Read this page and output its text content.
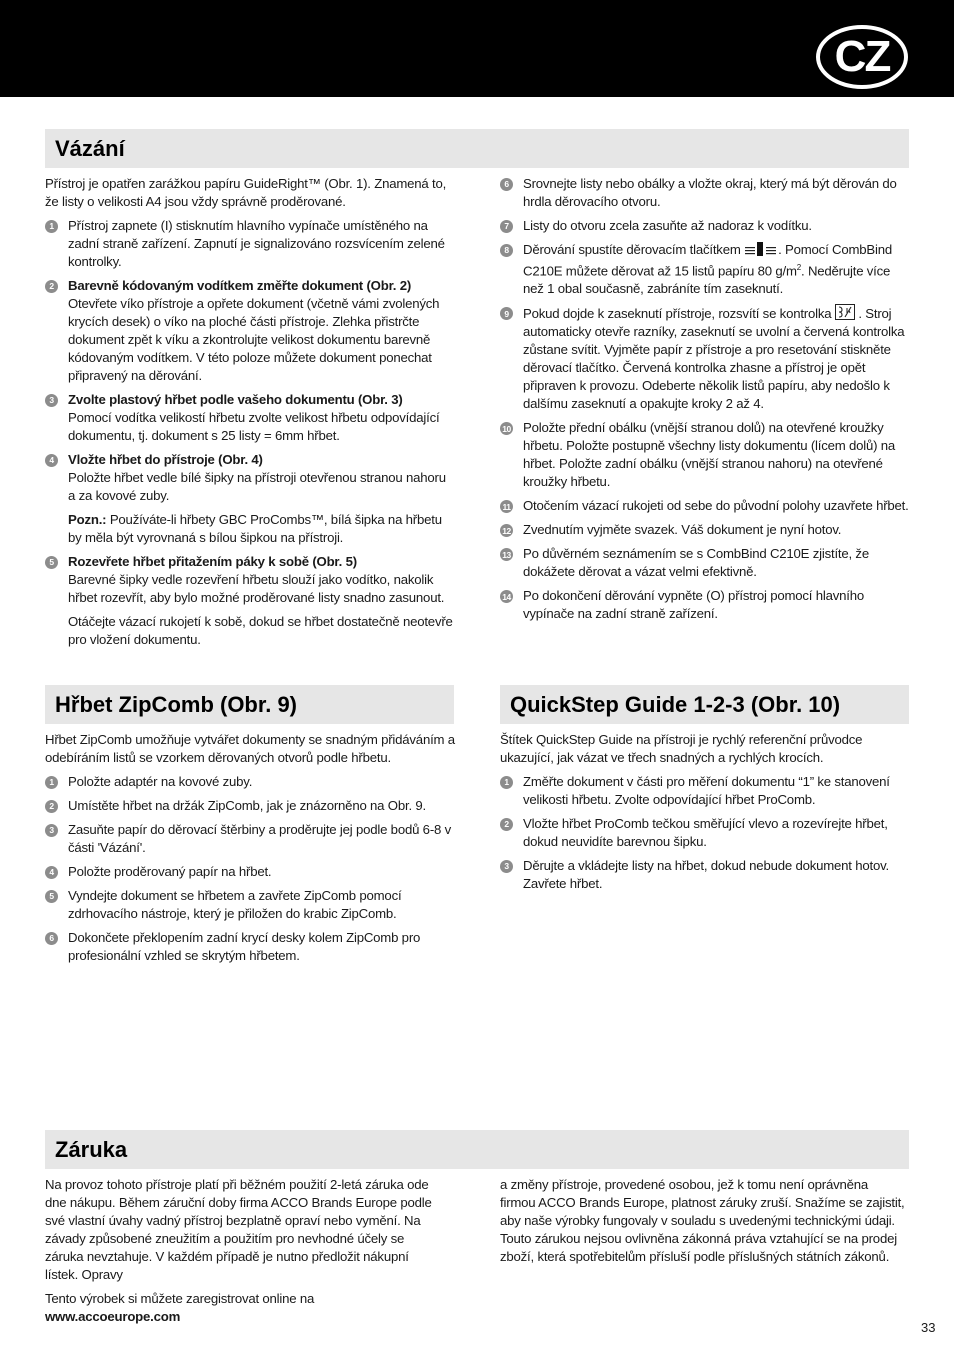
CZ
Vázání

Přístroj je opatřen zarážkou papíru GuideRight™ (Obr. 1). Znamená to, že listy o velikosti A4 jsou vždy správně proděrované.

1	Přístroj zapnete (I) stisknutím hlavního vypínače umístěného na zadní straně zařízení. Zapnutí je signalizováno rozsvícením zelené kontrolky.
2	Barevně kódovaným vodítkem změřte dokument (Obr. 2)
Otevřete víko přístroje a opřete dokument (včetně vámi zvolených krycích desek) o víko na ploché části přístroje. Zlehka přistrčte dokument zpět k víku a zkontrolujte velikost dokumentu barevně kódovaným vodítkem. V této poloze můžete dokument ponechat připravený na děrování.
3	Zvolte plastový hřbet podle vašeho dokumentu (Obr. 3)
Pomocí vodítka velikostí hřbetu zvolte velikost hřbetu odpovídající dokumentu, tj. dokument s 25 listy = 6mm hřbet.
4	Vložte hřbet do přístroje (Obr. 4)
Položte hřbet vedle bílé šipky na přístroji otevřenou stranou nahoru a za kovové zuby.
Pozn.: Používáte-li hřbety GBC ProCombs™, bílá šipka na hřbetu by měla být vyrovnaná s bílou šipkou na přístroji.
5	Rozevřete hřbet přitažením páky k sobě (Obr. 5)
Barevné šipky vedle rozevření hřbetu slouží jako vodítko, nakolik hřbet rozevřít, aby bylo možné proděrované listy snadno zasunout.
Otáčejte vázací rukojetí k sobě, dokud se hřbet dostatečně neotevře pro vložení dokumentu.
6	Srovnejte listy nebo obálky a vložte okraj, který má být děrován do hrdla děrovacího otvoru.
7	Listy do otvoru zcela zasuňte až nadoraz k vodítku.
8	Děrování spustíte děrovacím tlačítkem	. Pomocí CombBind C210E můžete děrovat až 15 listů papíru 80 $g/m^2$. Neděrujte více než 1 obal současně, zabráníte tím zaseknutí.
9	Pokud dojde k zaseknutí přístroje, rozsvítí se kontrolka . Stroj automaticky otevře razníky, zaseknutí se uvolní a červená kontrolka zůstane svítit. Vyjměte papír z přístroje a pro resetování stiskněte děrovací tlačítko. Červená kontrolka zhasne a přístroj je opět připraven k provozu. Odeberte několik listů papíru, aby nedošlo k dalšímu zaseknutí a opakujte kroky 2 až 4.
10 Položte přední obálku (vnější stranou dolů) na otevřené kroužky hřbetu. Položte postupně všechny listy dokumentu (lícem dolů) na hřbet. Položte zadní obálku (vnější stranou nahoru) na otevřené kroužky hřbetu.
11 Otočením vázací rukojeti od sebe do původní polohy uzavřete hřbet.
12 Zvednutím vyjměte svazek. Váš dokument je nyní hotov.
13 Po důvěrném seznámením se s CombBind C210E zjistíte, že dokážete děrovat a vázat velmi efektivně.
14 Po dokončení děrování vypněte (O) přístroj pomocí hlavního vypínače na zadní straně zařízení.
Hřbet ZipComb (Obr. 9)

Hřbet ZipComb umožňuje vytvářet dokumenty se snadným přidáváním a odebíráním listů se vzorkem děrovaných otvorů podle hřbetu.

1	Položte adaptér na kovové zuby.
2	Umístěte hřbet na držák ZipComb, jak je znázorněno na Obr. 9.
3	Zasuňte papír do děrovací štěrbiny a proděrujte jej podle bodů 6-8 v části 'Vázání'.
4	Položte proděrovaný papír na hřbet.
5	Vyndejte dokument se hřbetem a zavřete ZipComb pomocí zdrhovacího nástroje, který je přiložen do krabic ZipComb.
6	Dokončete překlopením zadní krycí desky kolem ZipComb pro profesionální vzhled se skrytým hřbetem.
QuickStep Guide 1-2-3 (Obr. 10)

Štítek QuickStep Guide na přístroji je rychlý referenční průvodce ukazující, jak vázat ve třech snadných a rychlých krocích.

1	Změřte dokument v části pro měření dokumentu “1” ke stanovení velikosti hřbetu. Zvolte odpovídající hřbet ProComb.
2	Vložte hřbet ProComb tečkou směřující vlevo a rozevírejte hřbet, dokud neuvidíte barevnou šipku.
3	Děrujte a vkládejte listy na hřbet, dokud nebude dokument hotov. Zavřete hřbet.
Záruka

Na provoz tohoto přístroje platí při běžném použití 2-letá záruka ode dne nákupu. Během záruční doby firma ACCO Brands Europe podle své vlastní úvahy vadný přístroj bezplatně opraví nebo vymění. Na závady způsobené zneužitím a použitím pro nevhodné účely se záruka nevztahuje. V každém případě je nutno předložit nákupní lístek. Opravy

Tento výrobek si můžete zaregistrovat online na www.accoeurope.com

a změny přístroje, provedené osobou, jež k tomu není oprávněna firmou ACCO Brands Europe, platnost záruky zruší. Snažíme se zajistit, aby naše výrobky fungovaly v souladu s uvedenými technickými údaji. Touto zárukou nejsou ovlivněna zákonná práva vztahující se na prodej zboží, která spotřebitelům přísluší podle příslušných státních zákonů.

33
